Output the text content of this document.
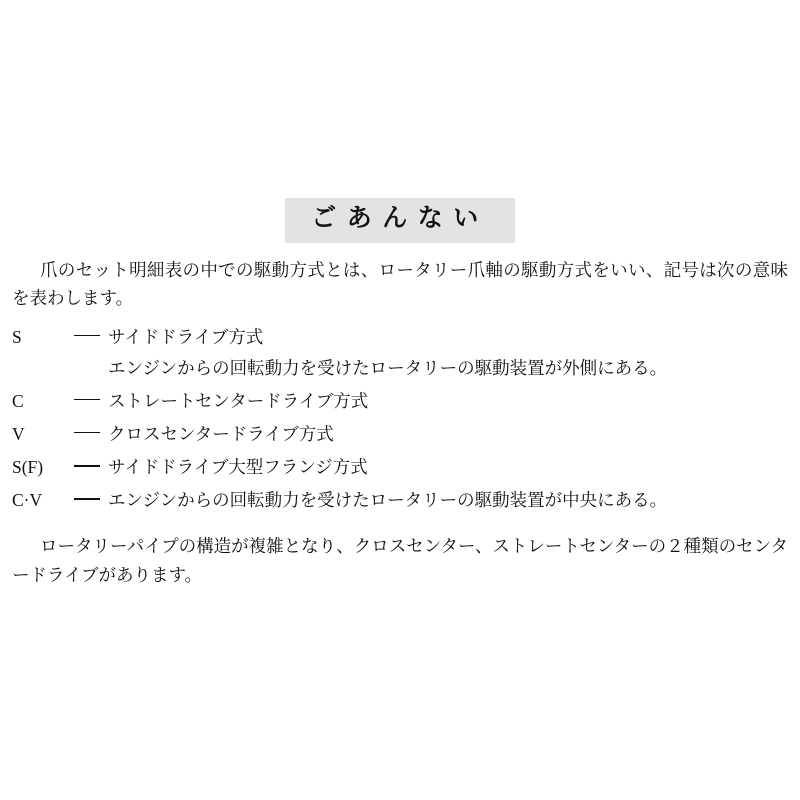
ごあんない

爪のセット明細表の中での駆動方式とは、ロータリー爪軸の駆動方式をいい、記号は次の意味を表わします。

S	サイドドライブ方式
エンジンからの回転動力を受けたロータリーの駆動装置が外側にある。
C	ストレートセンタードライブ方式
V	クロスセンタードライブ方式
S(F)	サイドドライブ大型フランジ方式
C·V	エンジンからの回転動力を受けたロータリーの駆動装置が中央にある。

ロータリーパイプの構造が複雑となり、クロスセンター、ストレートセンターの２種類のセンタードライブがあります。
